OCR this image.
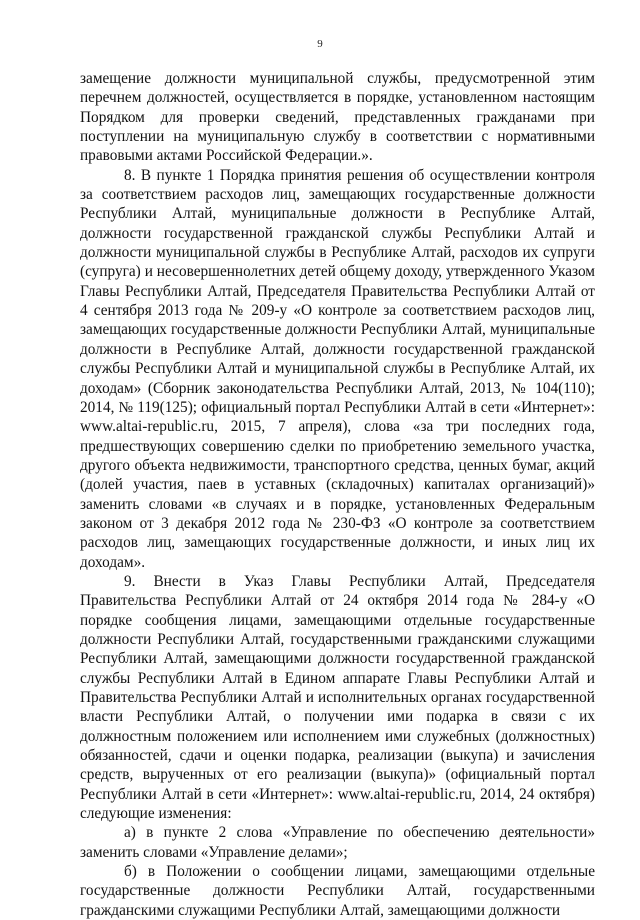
9

замещение должности муниципальной службы, предусмотренной этим перечнем должностей, осуществляется в порядке, установленном настоящим Порядком для проверки сведений, представленных гражданами при поступлении на муниципальную службу в соответствии с нормативными правовыми актами Российской Федерации.».

8. В пункте 1 Порядка принятия решения об осуществлении контроля за соответствием расходов лиц, замещающих государственные должности Республики Алтай, муниципальные должности в Республике Алтай, должности государственной гражданской службы Республики Алтай и должности муниципальной службы в Республике Алтай, расходов их супруги (супруга) и несовершеннолетних детей общему доходу, утвержденного Указом Главы Республики Алтай, Председателя Правительства Республики Алтай от 4 сентября 2013 года № 209-у «О контроле за соответствием расходов лиц, замещающих государственные должности Республики Алтай, муниципальные должности в Республике Алтай, должности государственной гражданской службы Республики Алтай и муниципальной службы в Республике Алтай, их доходам» (Сборник законодательства Республики Алтай, 2013, № 104(110); 2014, № 119(125); официальный портал Республики Алтай в сети «Интернет»: www.altai-republic.ru, 2015, 7 апреля), слова «за три последних года, предшествующих совершению сделки по приобретению земельного участка, другого объекта недвижимости, транспортного средства, ценных бумаг, акций (долей участия, паев в уставных (складочных) капиталах организаций)» заменить словами «в случаях и в порядке, установленных Федеральным законом от 3 декабря 2012 года № 230-ФЗ «О контроле за соответствием расходов лиц, замещающих государственные должности, и иных лиц их доходам».

9. Внести в Указ Главы Республики Алтай, Председателя Правительства Республики Алтай от 24 октября 2014 года № 284-у «О порядке сообщения лицами, замещающими отдельные государственные должности Республики Алтай, государственными гражданскими служащими Республики Алтай, замещающими должности государственной гражданской службы Республики Алтай в Едином аппарате Главы Республики Алтай и Правительства Республики Алтай и исполнительных органах государственной власти Республики Алтай, о получении ими подарка в связи с их должностным положением или исполнением ими служебных (должностных) обязанностей, сдачи и оценки подарка, реализации (выкупа) и зачисления средств, вырученных от его реализации (выкупа)» (официальный портал Республики Алтай в сети «Интернет»: www.altai-republic.ru, 2014, 24 октября) следующие изменения:

а) в пункте 2 слова «Управление по обеспечению деятельности» заменить словами «Управление делами»;

б) в Положении о сообщении лицами, замещающими отдельные государственные должности Республики Алтай, государственными гражданскими служащими Республики Алтай, замещающими должности
